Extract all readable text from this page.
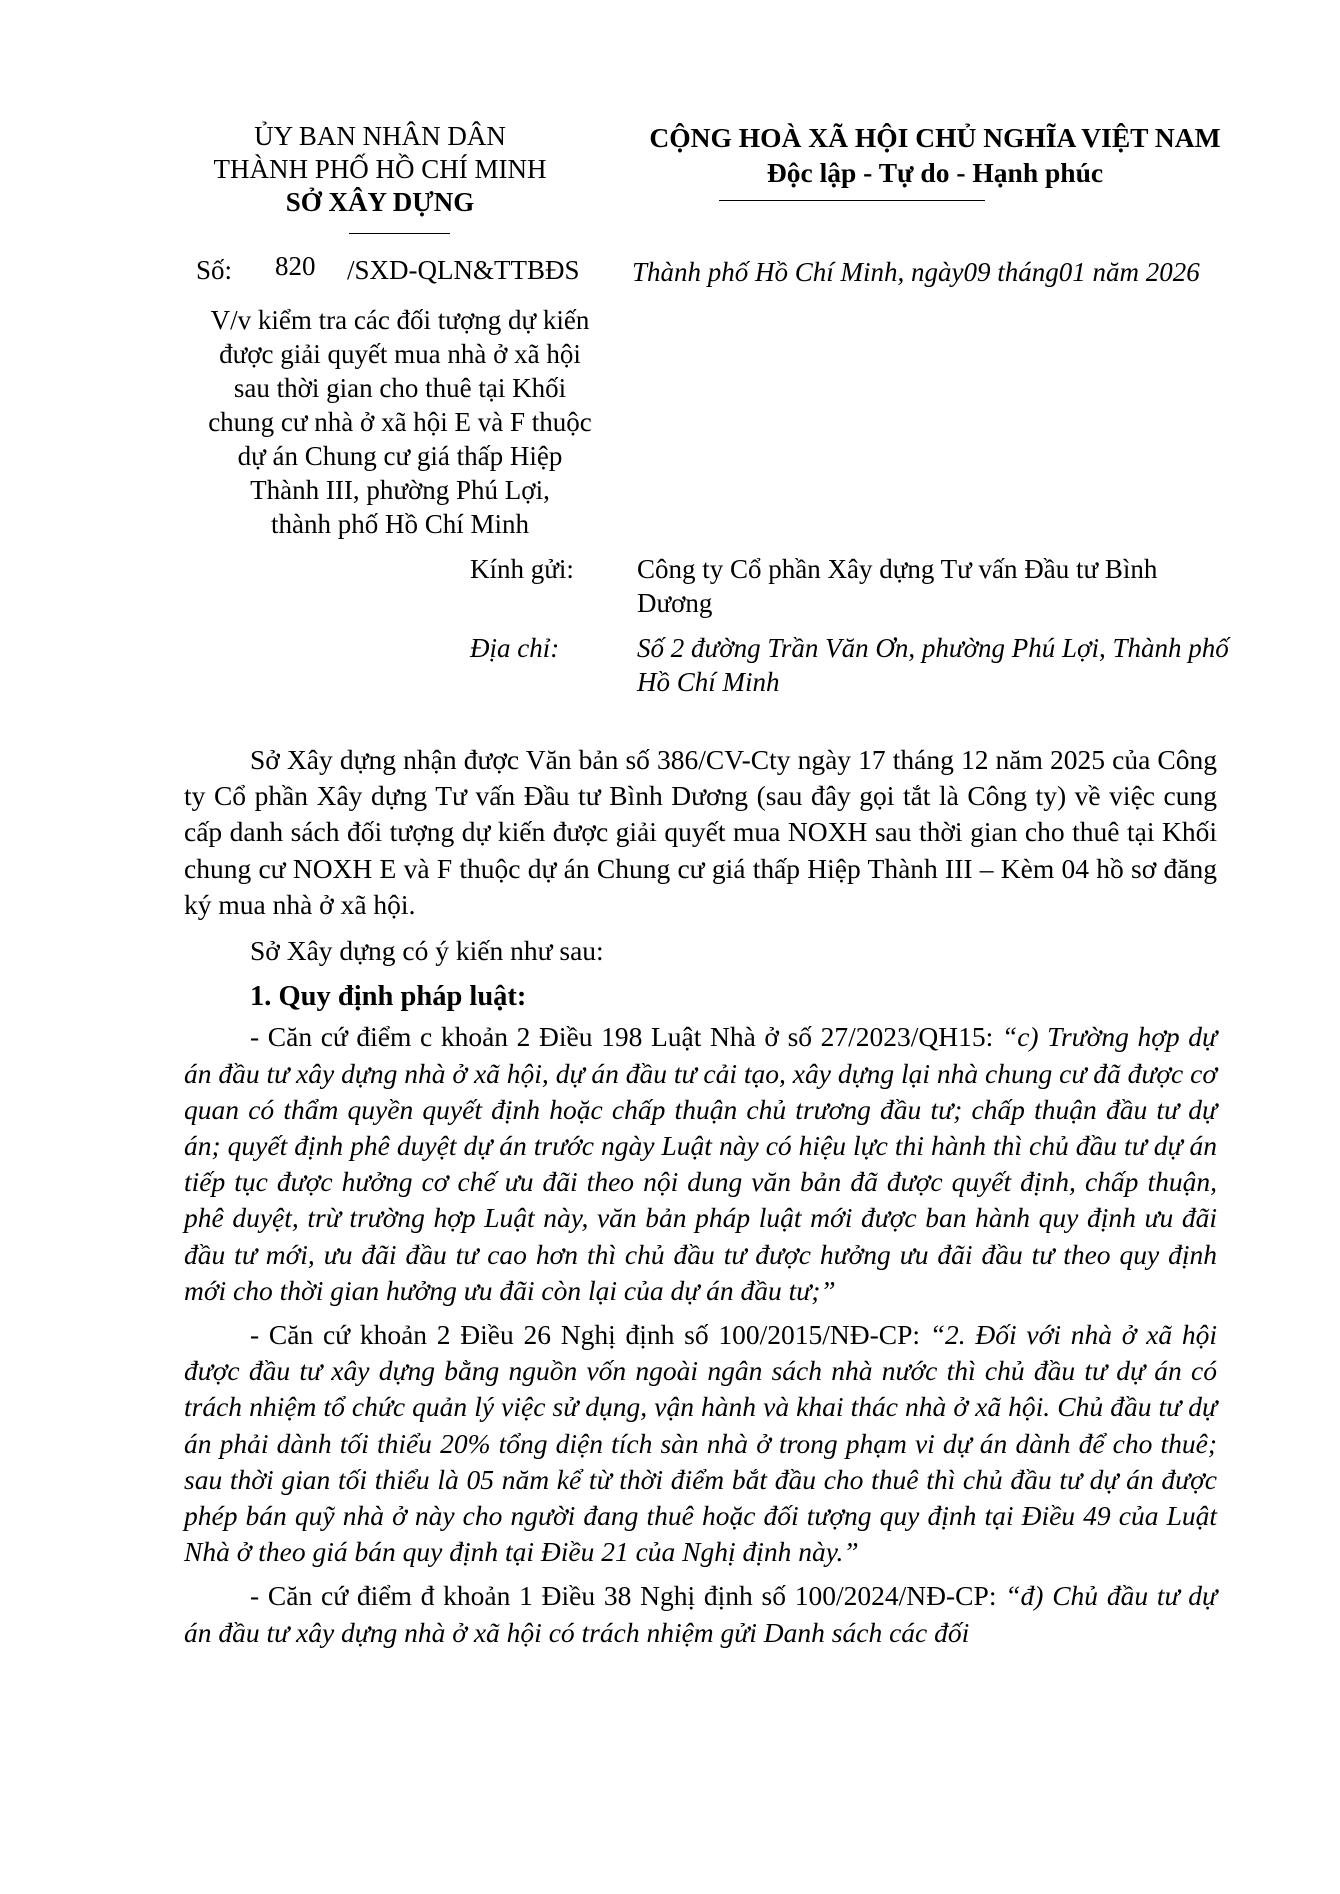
ỦY BAN NHÂN DÂN
THÀNH PHỐ HỒ CHÍ MINH
SỞ XÂY DỰNG
CỘNG HOÀ XÃ HỘI CHỦ NGHĨA VIỆT NAM
Độc lập - Tự do - Hạnh phúc
Số: 820 /SXD-QLN&TTBĐS Thành phố Hồ Chí Minh, ngày09 tháng01 năm 2026
V/v kiểm tra các đối tượng dự kiến
được giải quyết mua nhà ở xã hội
sau thời gian cho thuê tại Khối
chung cư nhà ở xã hội E và F thuộc
dự án Chung cư giá thấp Hiệp
Thành III, phường Phú Lợi,
thành phố Hồ Chí Minh
Kính gửi:	Công ty Cổ phần Xây dựng Tư vấn Đầu tư Bình Dương
Địa chỉ:	Số 2 đường Trần Văn Ơn, phường Phú Lợi, Thành phố Hồ Chí Minh

Sở Xây dựng nhận được Văn bản số 386/CV-Cty ngày 17 tháng 12 năm 2025 của Công ty Cổ phần Xây dựng Tư vấn Đầu tư Bình Dương (sau đây gọi tắt là Công ty) về việc cung cấp danh sách đối tượng dự kiến được giải quyết mua NOXH sau thời gian cho thuê tại Khối chung cư NOXH E và F thuộc dự án Chung cư giá thấp Hiệp Thành III – Kèm 04 hồ sơ đăng ký mua nhà ở xã hội.

Sở Xây dựng có ý kiến như sau:

1. Quy định pháp luật:

- Căn cứ điểm c khoản 2 Điều 198 Luật Nhà ở số 27/2023/QH15: “c) Trường hợp dự án đầu tư xây dựng nhà ở xã hội, dự án đầu tư cải tạo, xây dựng lại nhà chung cư đã được cơ quan có thẩm quyền quyết định hoặc chấp thuận chủ trương đầu tư; chấp thuận đầu tư dự án; quyết định phê duyệt dự án trước ngày Luật này có hiệu lực thi hành thì chủ đầu tư dự án tiếp tục được hưởng cơ chế ưu đãi theo nội dung văn bản đã được quyết định, chấp thuận, phê duyệt, trừ trường hợp Luật này, văn bản pháp luật mới được ban hành quy định ưu đãi đầu tư mới, ưu đãi đầu tư cao hơn thì chủ đầu tư được hưởng ưu đãi đầu tư theo quy định mới cho thời gian hưởng ưu đãi còn lại của dự án đầu tư;”

- Căn cứ khoản 2 Điều 26 Nghị định số 100/2015/NĐ-CP: “2. Đối với nhà ở xã hội được đầu tư xây dựng bằng nguồn vốn ngoài ngân sách nhà nước thì chủ đầu tư dự án có trách nhiệm tổ chức quản lý việc sử dụng, vận hành và khai thác nhà ở xã hội. Chủ đầu tư dự án phải dành tối thiểu 20% tổng diện tích sàn nhà ở trong phạm vi dự án dành để cho thuê; sau thời gian tối thiểu là 05 năm kể từ thời điểm bắt đầu cho thuê thì chủ đầu tư dự án được phép bán quỹ nhà ở này cho người đang thuê hoặc đối tượng quy định tại Điều 49 của Luật Nhà ở theo giá bán quy định tại Điều 21 của Nghị định này.”

- Căn cứ điểm đ khoản 1 Điều 38 Nghị định số 100/2024/NĐ-CP: “đ) Chủ đầu tư dự án đầu tư xây dựng nhà ở xã hội có trách nhiệm gửi Danh sách các đối
